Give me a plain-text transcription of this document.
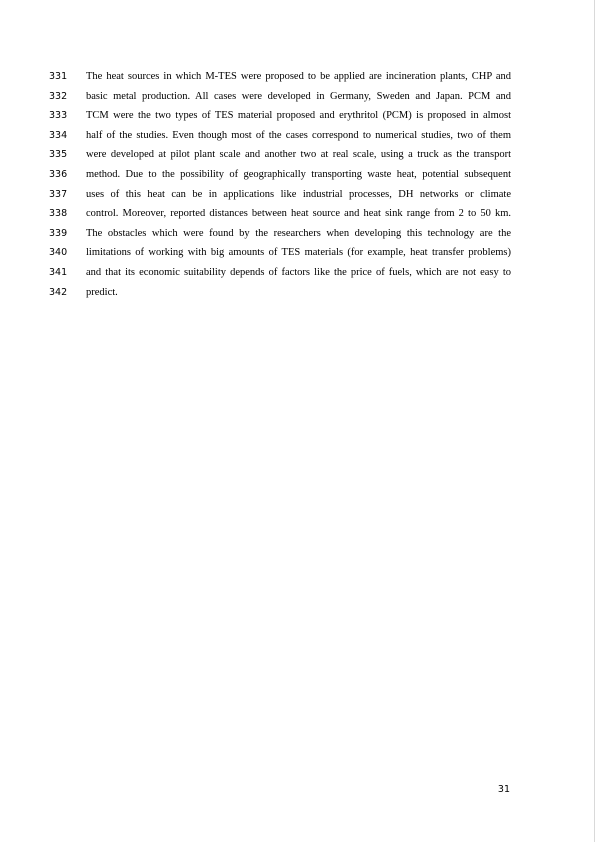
331	The heat sources in which M-TES were proposed to be applied are incineration plants, CHP and
332	basic metal production. All cases were developed in Germany, Sweden and Japan. PCM and
333	TCM were the two types of TES material proposed and erythritol (PCM) is proposed in almost
334	half of the studies. Even though most of the cases correspond to numerical studies, two of them
335	were developed at pilot plant scale and another two at real scale, using a truck as the transport
336	method. Due to the possibility of geographically transporting waste heat, potential subsequent
337	uses of this heat can be in applications like industrial processes, DH networks or climate
338	control. Moreover, reported distances between heat source and heat sink range from 2 to 50 km.
339	The obstacles which were found by the researchers when developing this technology are the
340	limitations of working with big amounts of TES materials (for example, heat transfer problems)
341	and that its economic suitability depends of factors like the price of fuels, which are not easy to
342	predict.
31
